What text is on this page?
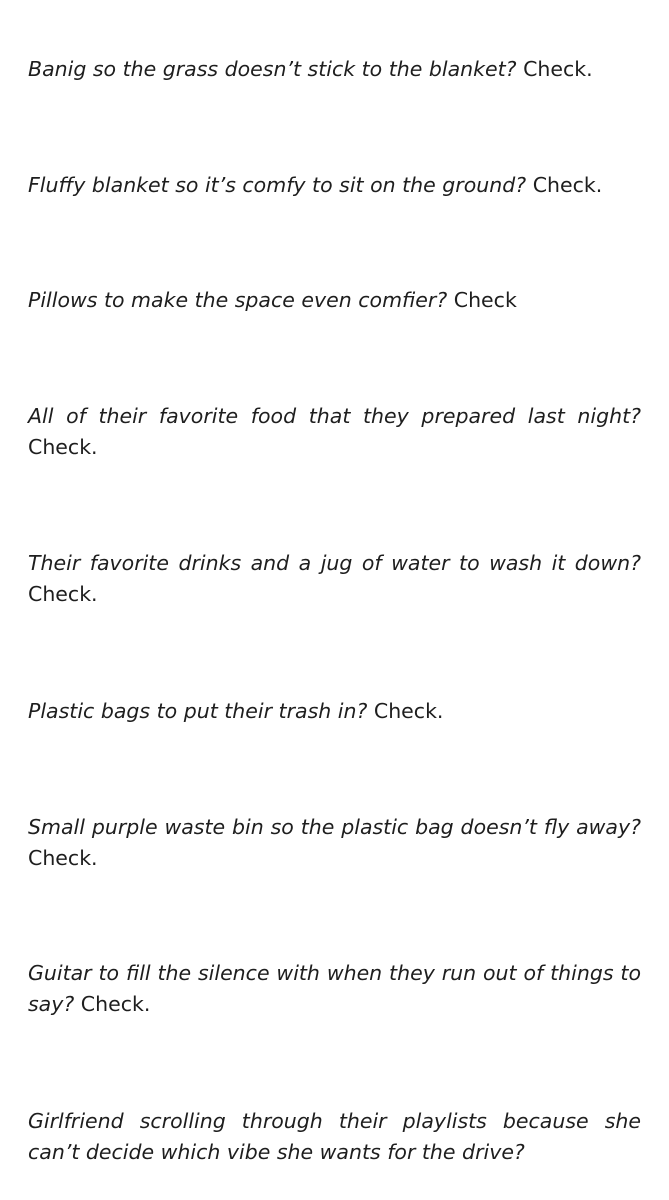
Banig so the grass doesn’t stick to the blanket? Check.

Fluffy blanket so it’s comfy to sit on the ground? Check.

Pillows to make the space even comfier? Check

All of their favorite food that they prepared last night? Check.

Their favorite drinks and a jug of water to wash it down? Check.

Plastic bags to put their trash in? Check.

Small purple waste bin so the plastic bag doesn’t fly away? Check.

Guitar to fill the silence with when they run out of things to say? Check.

Girlfriend scrolling through their playlists because she can’t decide which vibe she wants for the drive?
